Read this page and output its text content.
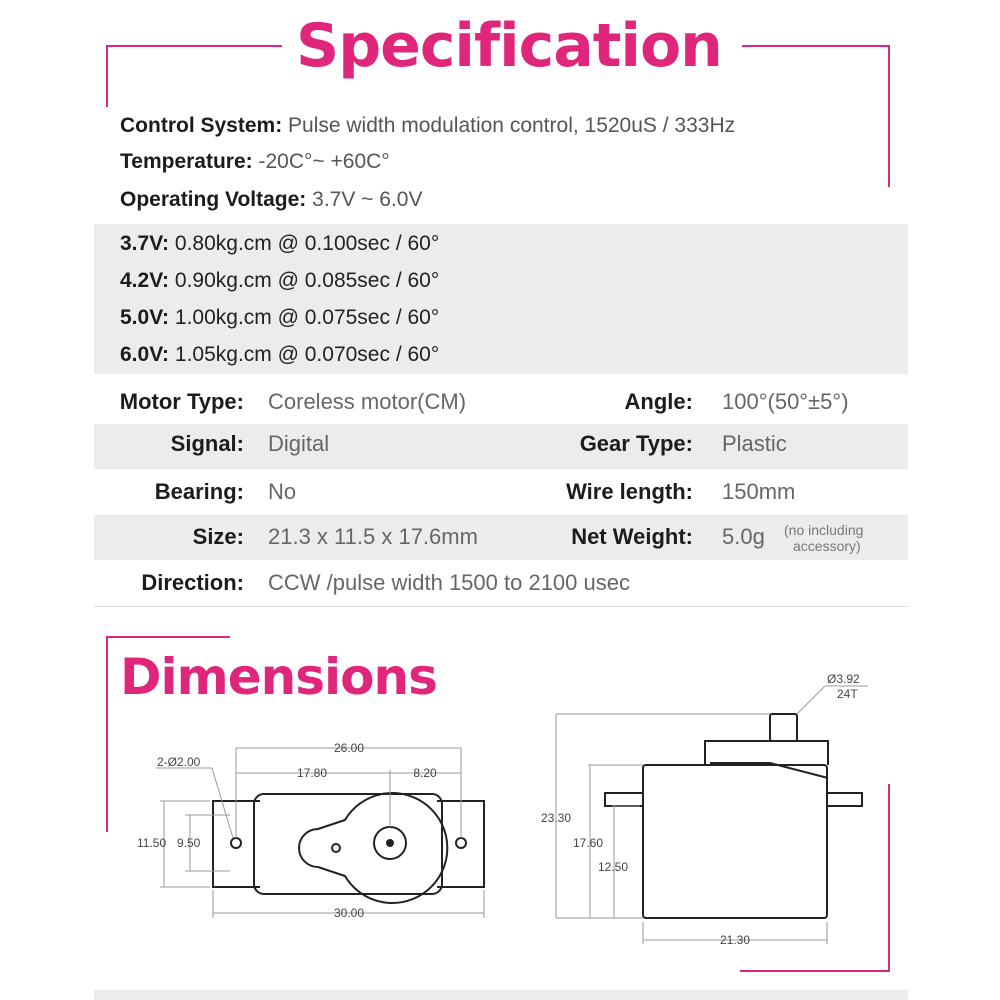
Specification
Control System: Pulse width modulation control, 1520uS / 333Hz
Temperature: -20C°~ +60C°
Operating Voltage: 3.7V ~ 6.0V
3.7V: 0.80kg.cm @ 0.100sec / 60°
4.2V: 0.90kg.cm @ 0.085sec / 60°
5.0V: 1.00kg.cm @ 0.075sec / 60°
6.0V: 1.05kg.cm @ 0.070sec / 60°
Motor Type: Coreless motor(CM)	Angle: 100°(50°±5°)
Signal: Digital	Gear Type: Plastic
Bearing: No	Wire length: 150mm
Size: 21.3 x 11.5 x 17.6mm	Net Weight: 5.0g (no including
accessory)
Direction: CCW /pulse width 1500 to 2100 usec
Dimensions
26.00
17.80	8.20
2-Ø2.00
11.50 9.50
30.00
Ø3.92
24T
23.30
17.60
12.50
21.30
